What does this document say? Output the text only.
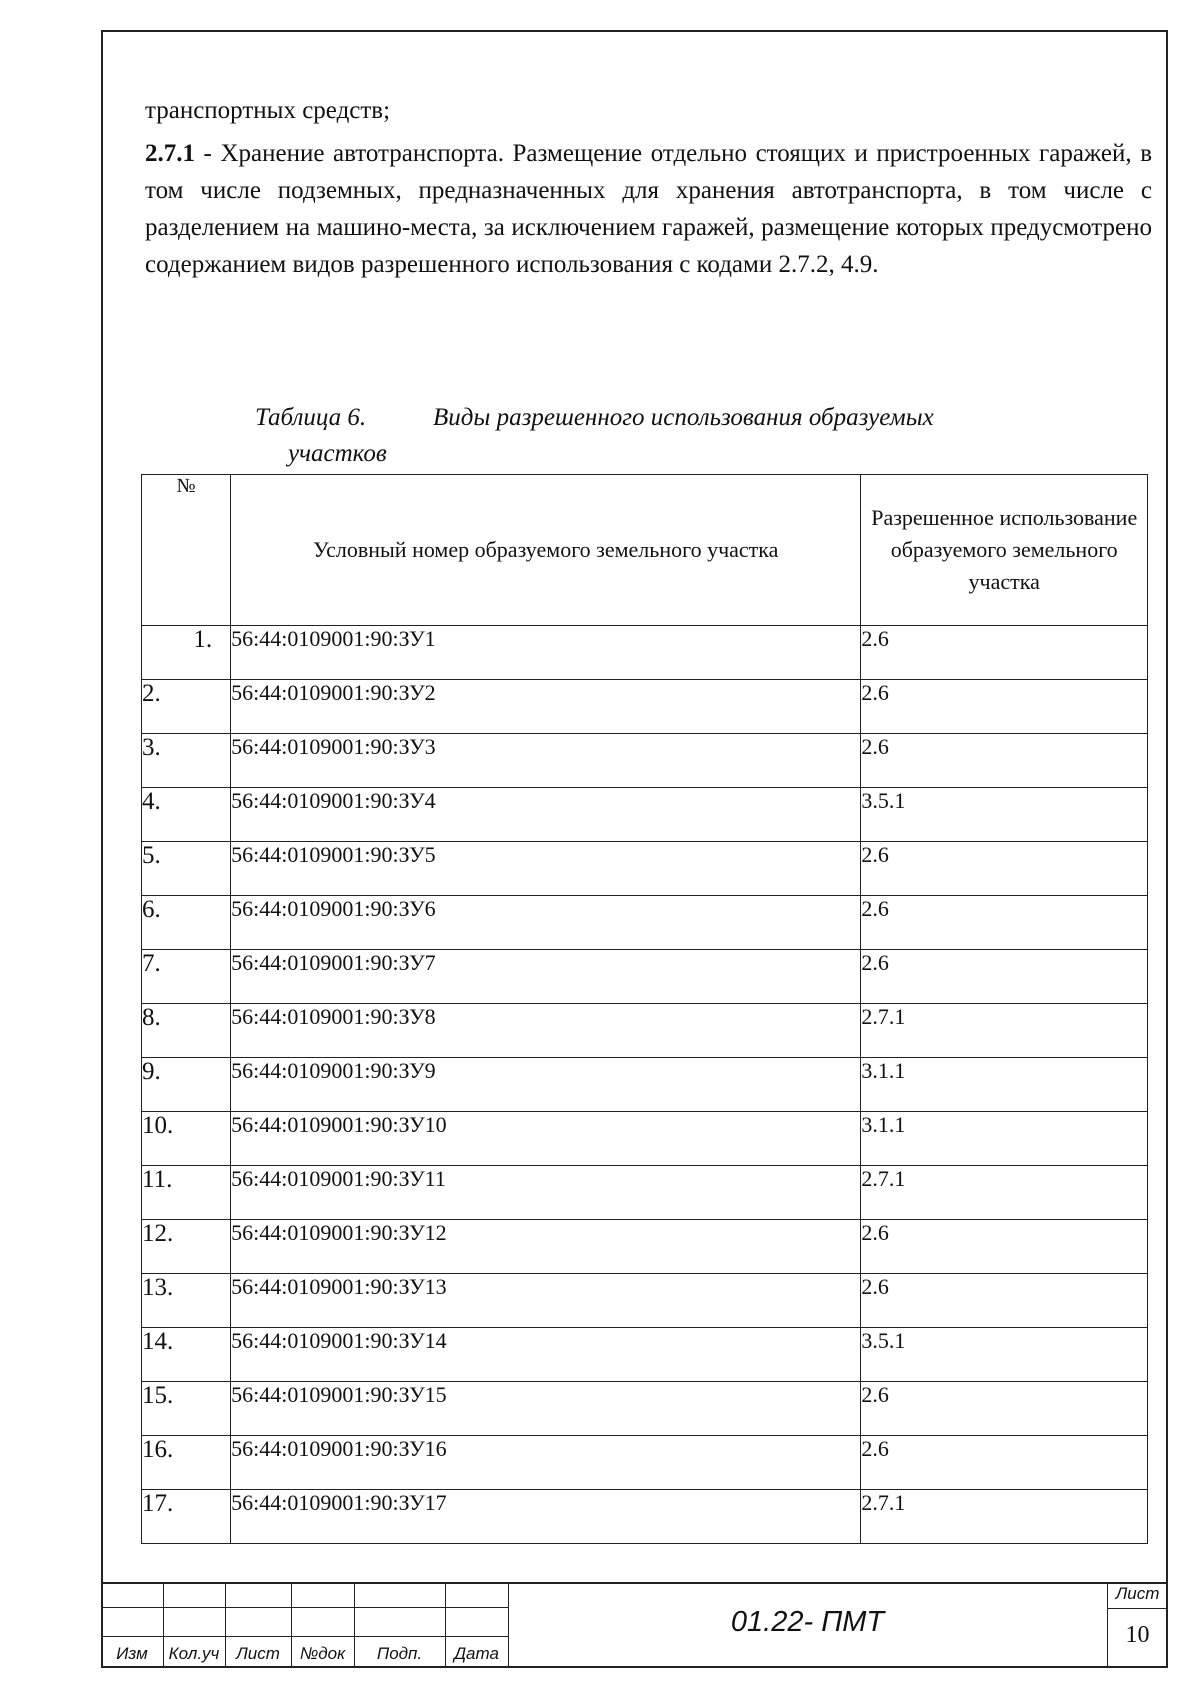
транспортных средств;

2.7.1 - Хранение автотранспорта. Размещение отдельно стоящих и пристроенных гаражей, в том числе подземных, предназначенных для хранения автотранспорта, в том числе с разделением на машино-места, за исключением гаражей, размещение которых предусмотрено содержанием видов разрешенного использования с кодами 2.7.2, 4.9.

Таблица 6.	Виды разрешенного использования образуемых
участков
№	Условный номер образуемого земельного участка	Разрешенное использование образуемого земельного участка
1.	56:44:0109001:90:ЗУ1	2.6
2.	56:44:0109001:90:ЗУ2	2.6
3.	56:44:0109001:90:ЗУ3	2.6
4.	56:44:0109001:90:ЗУ4	3.5.1
5.	56:44:0109001:90:ЗУ5	2.6
6.	56:44:0109001:90:ЗУ6	2.6
7.	56:44:0109001:90:ЗУ7	2.6
8.	56:44:0109001:90:ЗУ8	2.7.1
9.	56:44:0109001:90:ЗУ9	3.1.1
10.	56:44:0109001:90:ЗУ10	3.1.1
11.	56:44:0109001:90:ЗУ11	2.7.1
12.	56:44:0109001:90:ЗУ12	2.6
13.	56:44:0109001:90:ЗУ13	2.6
14.	56:44:0109001:90:ЗУ14	3.5.1
15.	56:44:0109001:90:ЗУ15	2.6
16.	56:44:0109001:90:ЗУ16	2.6
17.	56:44:0109001:90:ЗУ17	2.7.1
Изм	Кол.уч Лист	№док	Подп.	Дата
01.22- ПМТ
Лист
10
